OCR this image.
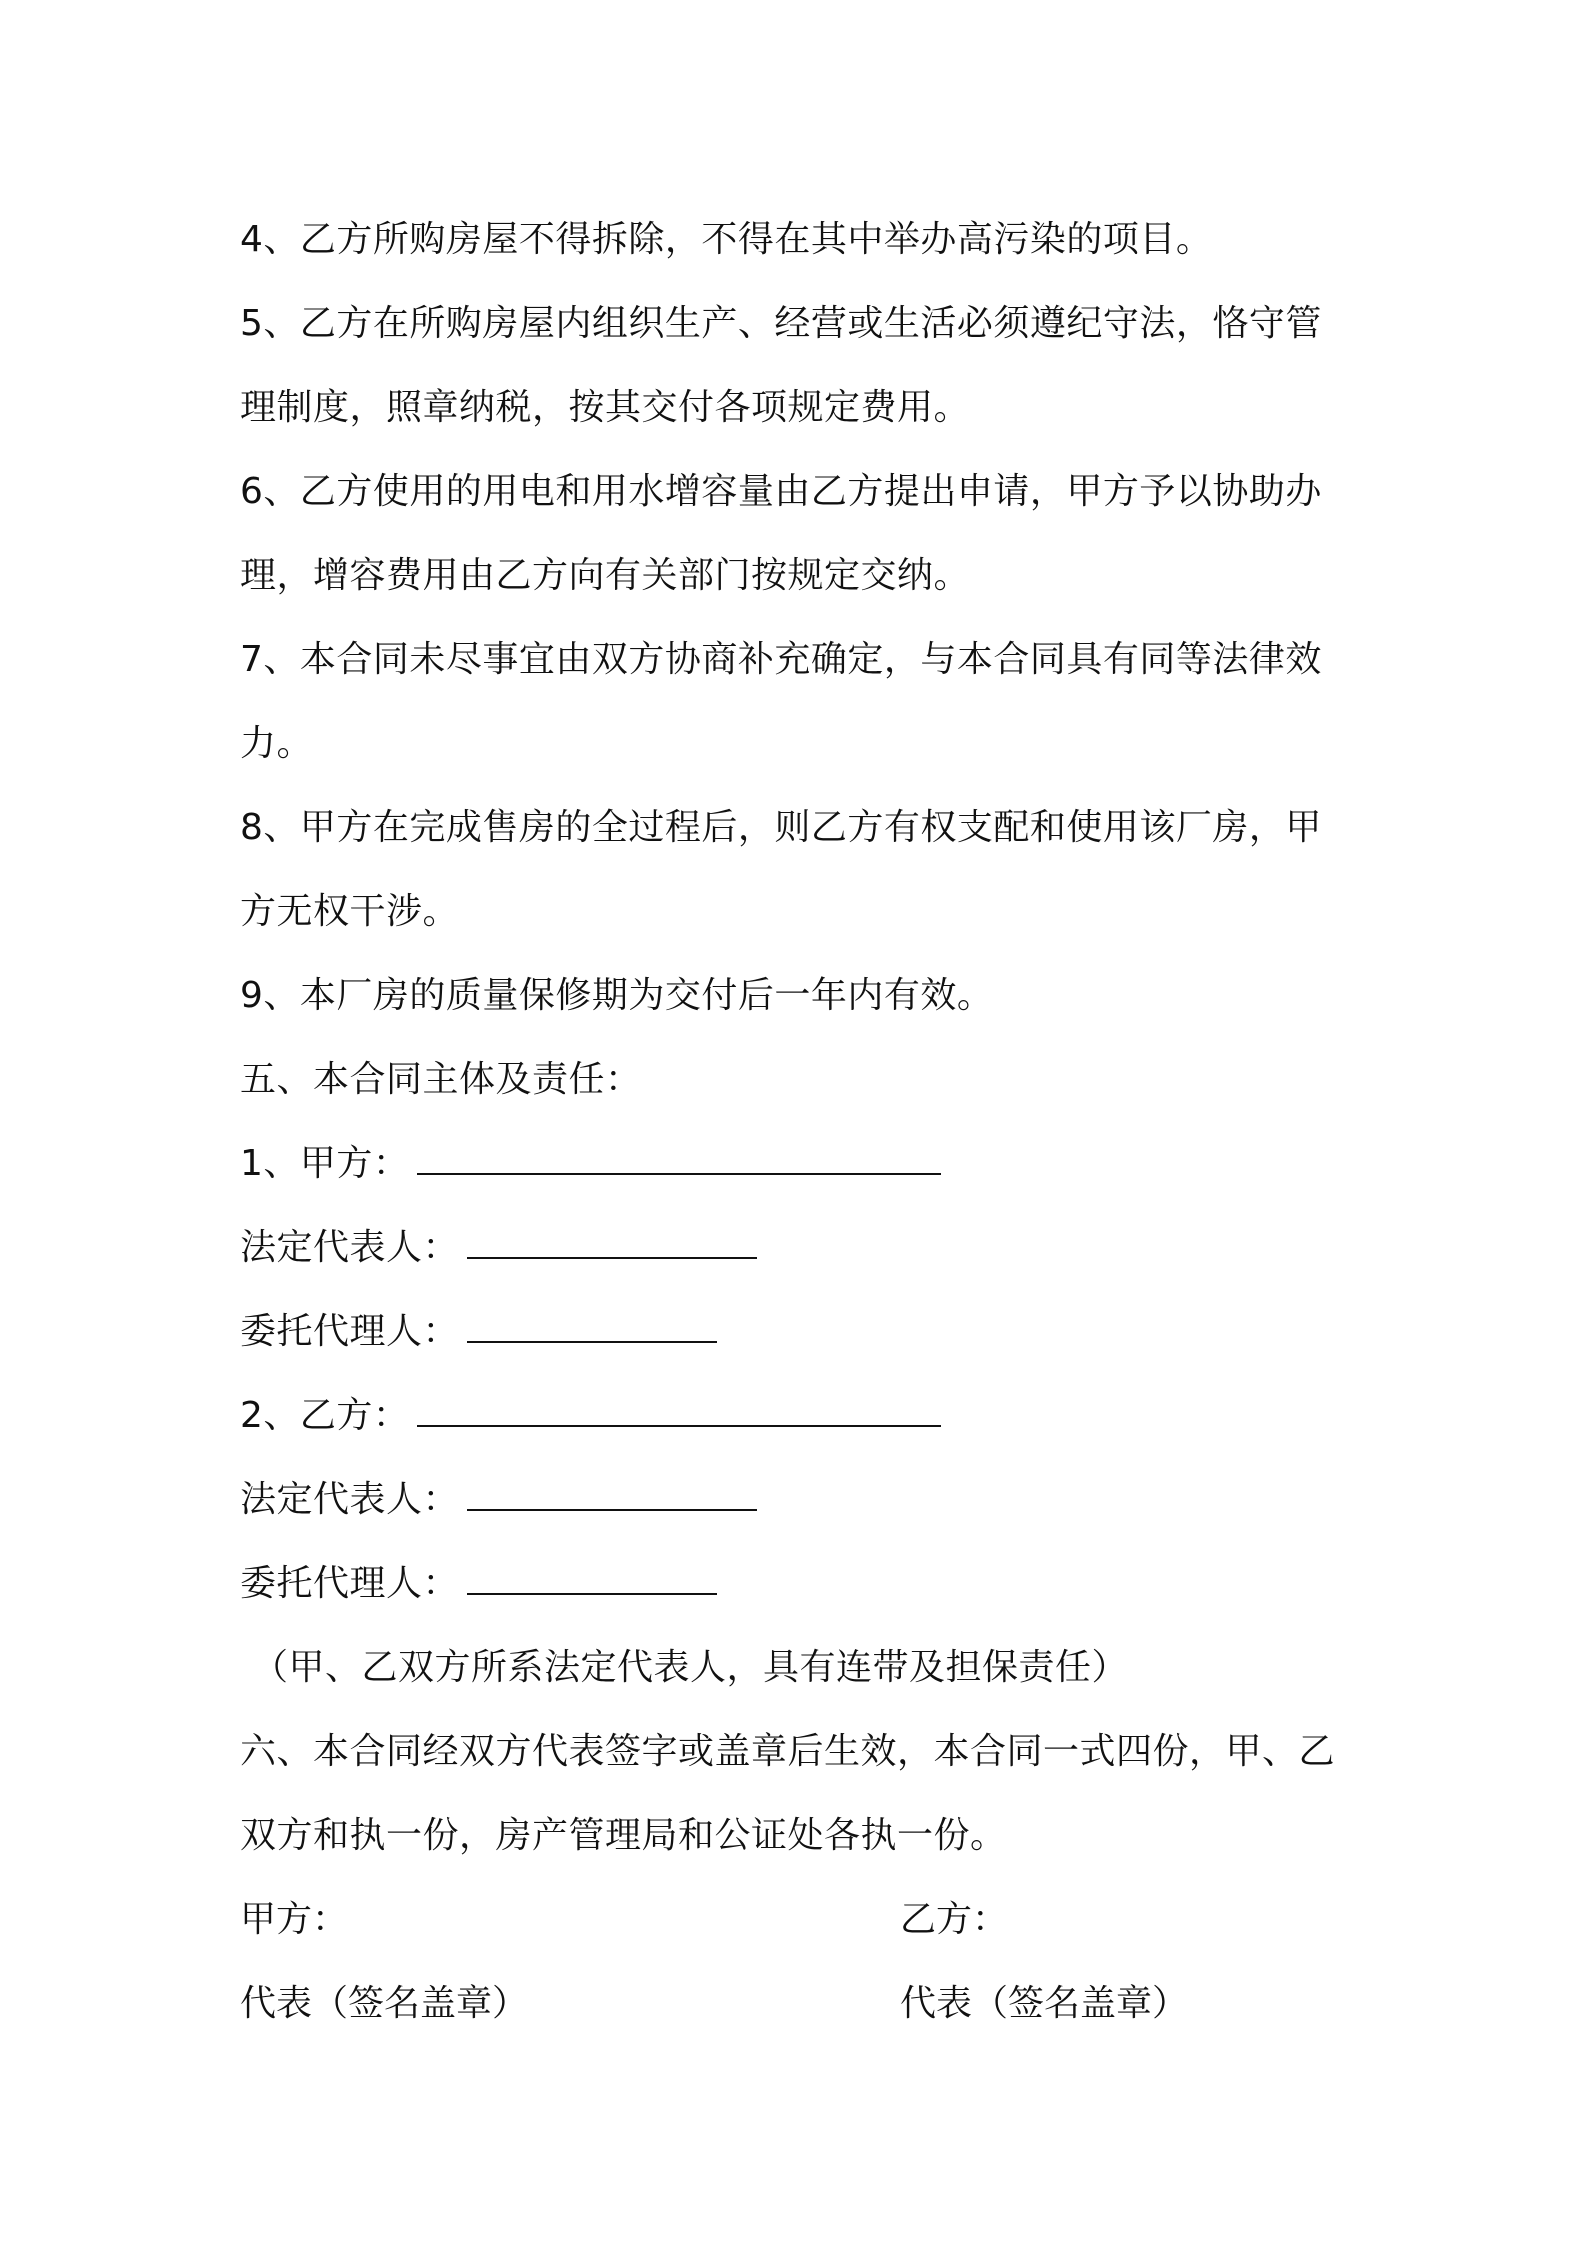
4、乙方所购房屋不得拆除，不得在其中举办高污染的项目。
5、乙方在所购房屋内组织生产、经营或生活必须遵纪守法，恪守管
理制度，照章纳税，按其交付各项规定费用。
6、乙方使用的用电和用水增容量由乙方提出申请，甲方予以协助办
理，增容费用由乙方向有关部门按规定交纳。
7、本合同未尽事宜由双方协商补充确定，与本合同具有同等法律效
力。
8、甲方在完成售房的全过程后，则乙方有权支配和使用该厂房，甲
方无权干涉。
9、本厂房的质量保修期为交付后一年内有效。
五、本合同主体及责任：
1、甲方：
法定代表人：
委托代理人：
2、乙方：
法定代表人：
委托代理人：
（甲、乙双方所系法定代表人，具有连带及担保责任）
六、本合同经双方代表签字或盖章后生效，本合同一式四份，甲、乙
双方和执一份，房产管理局和公证处各执一份。
甲方：	乙方：
代表（签名盖章）	代表（签名盖章）
